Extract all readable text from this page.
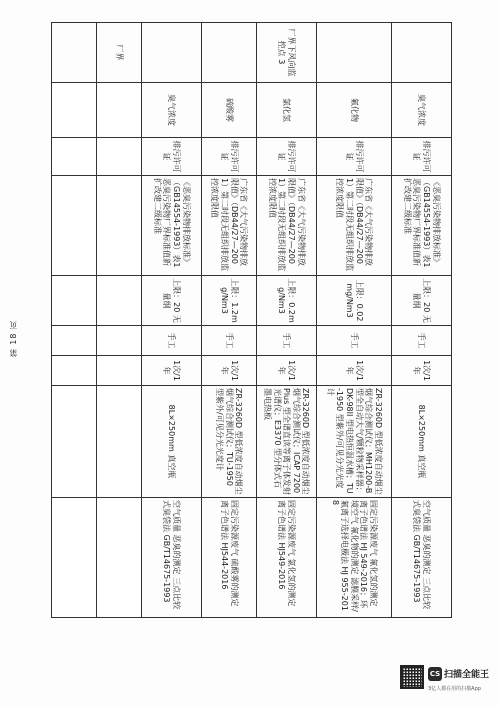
	臭气浓度	排污许可证	《恶臭污染物排放标准》（GB14554-1993）表1 恶臭污染物厂界标准值新扩改建二级标准	上限：20 无量纲	手工	1次/1年	8L×250mm 真空瓶	空气质量 恶臭的测定 三点比较式臭袋法 GB/T14675-1993
	氟化物	排污许可证	广东省《大气污染物排放限值》（DB44/27—2001）第二时段无组织排放监控浓度限值	上限：0.02mg/Nm3	手工	1次/1年	ZR-3260D 型低浓度自动烟尘烟气综合测试仪；MH1200-B 型全自动大气/颗粒物采样器；DK-98II 型电热恒温水槽；TU-1950 型紫外/可见分光光度计	固定污染源废气 氟化氢的测定 离子色谱法 HJ 549-2016；环境空气 氟化物的测定 滤膜采样/氟离子选择电极法 HJ 955-2018
厂界下风向监控点 3	氯化氢	排污许可证	广东省《大气污染物排放限值》（DB44/27—2001）第二时段无组织排放监控浓度限值	上限：0.2mg/Nm3	手工	1次/1年	ZR-3260D 型低浓度自动烟尘烟气综合测试仪；ICAP 7200Plus 型全谱直读等离子体发射光谱仪；E3370 型分体式石墨电热板	固定污染源废气 氯化氢的测定 离子色谱法 HJ549-2016
	硫酸雾	排污许可证	广东省《大气污染物排放限值》（DB44/27—2001）第二时段无组织排放监控浓度限值	上限：1.2mg/Nm3	手工	1次/1年	ZR-3260D 型低浓度自动烟尘烟气综合测试仪；TU-1950 型紫外/可见分光光度计	固定污染源废气 硫酸雾的测定 离子色谱法 HJ544-2016
	臭气浓度	排污许可证	《恶臭污染物排放标准》（GB14554-1993）表1 恶臭污染物厂界标准值新扩改建二级标准	上限：20 无量纲	手工	1次/1年	8L×250mm 真空瓶	空气质量 恶臭的测定 三点比较式臭袋法 GB/T14675-1993
厂界								

第 18 页
CS 扫描全能王
3亿人都在用的扫描App
